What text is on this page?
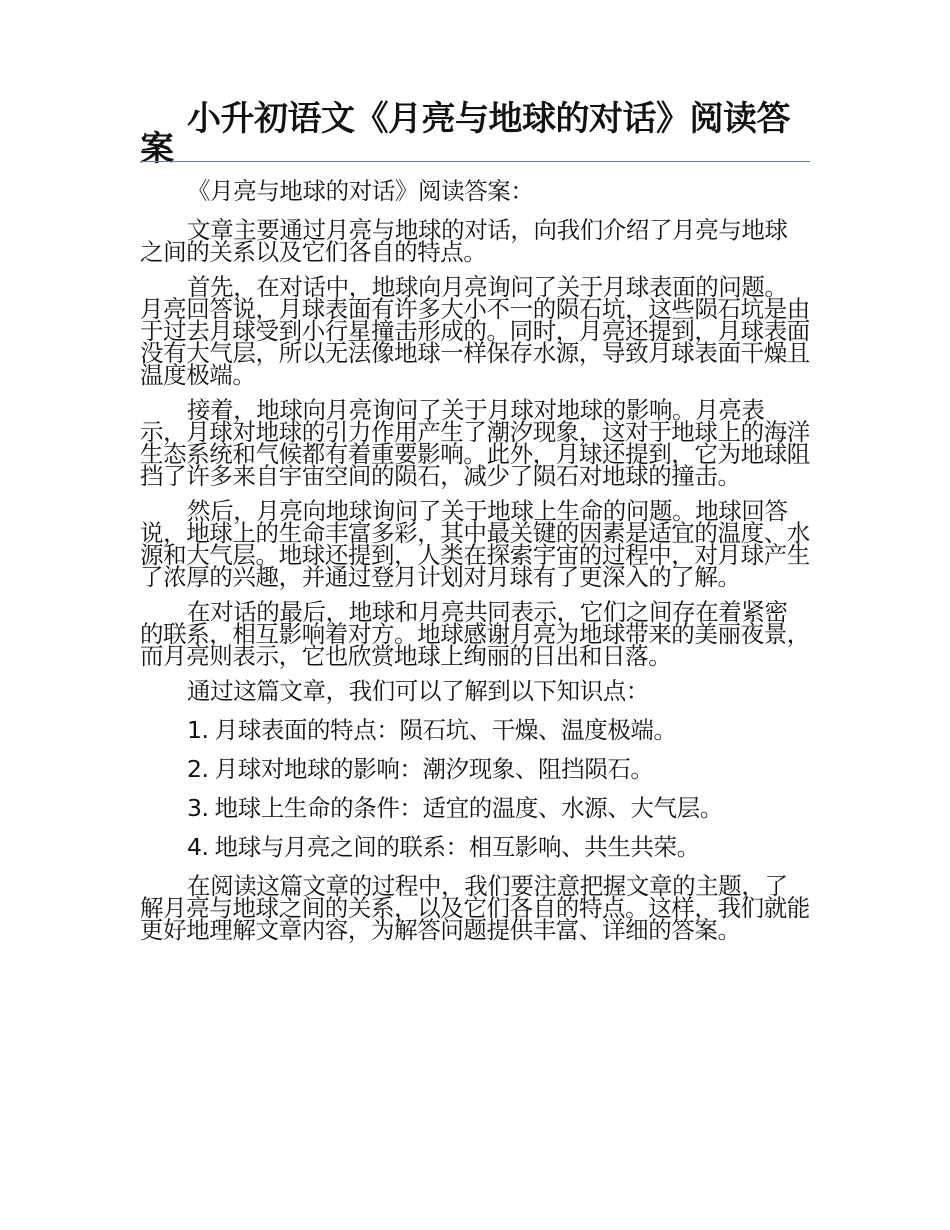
小升初语文《月亮与地球的对话》阅读答案

《月亮与地球的对话》阅读答案：

文章主要通过月亮与地球的对话，向我们介绍了月亮与地球之间的关系以及它们各自的特点。

首先，在对话中，地球向月亮询问了关于月球表面的问题。月亮回答说，月球表面有许多大小不一的陨石坑，这些陨石坑是由于过去月球受到小行星撞击形成的。同时，月亮还提到，月球表面没有大气层，所以无法像地球一样保存水源，导致月球表面干燥且温度极端。

接着，地球向月亮询问了关于月球对地球的影响。月亮表示，月球对地球的引力作用产生了潮汐现象，这对于地球上的海洋生态系统和气候都有着重要影响。此外，月球还提到，它为地球阻挡了许多来自宇宙空间的陨石，减少了陨石对地球的撞击。

然后，月亮向地球询问了关于地球上生命的问题。地球回答说，地球上的生命丰富多彩，其中最关键的因素是适宜的温度、水源和大气层。地球还提到，人类在探索宇宙的过程中，对月球产生了浓厚的兴趣，并通过登月计划对月球有了更深入的了解。

在对话的最后，地球和月亮共同表示，它们之间存在着紧密的联系，相互影响着对方。地球感谢月亮为地球带来的美丽夜景，而月亮则表示，它也欣赏地球上绚丽的日出和日落。

通过这篇文章，我们可以了解到以下知识点：

1. 月球表面的特点：陨石坑、干燥、温度极端。
2. 月球对地球的影响：潮汐现象、阻挡陨石。
3. 地球上生命的条件：适宜的温度、水源、大气层。
4. 地球与月亮之间的联系：相互影响、共生共荣。

在阅读这篇文章的过程中，我们要注意把握文章的主题，了解月亮与地球之间的关系，以及它们各自的特点。这样，我们就能更好地理解文章内容，为解答问题提供丰富、详细的答案。
